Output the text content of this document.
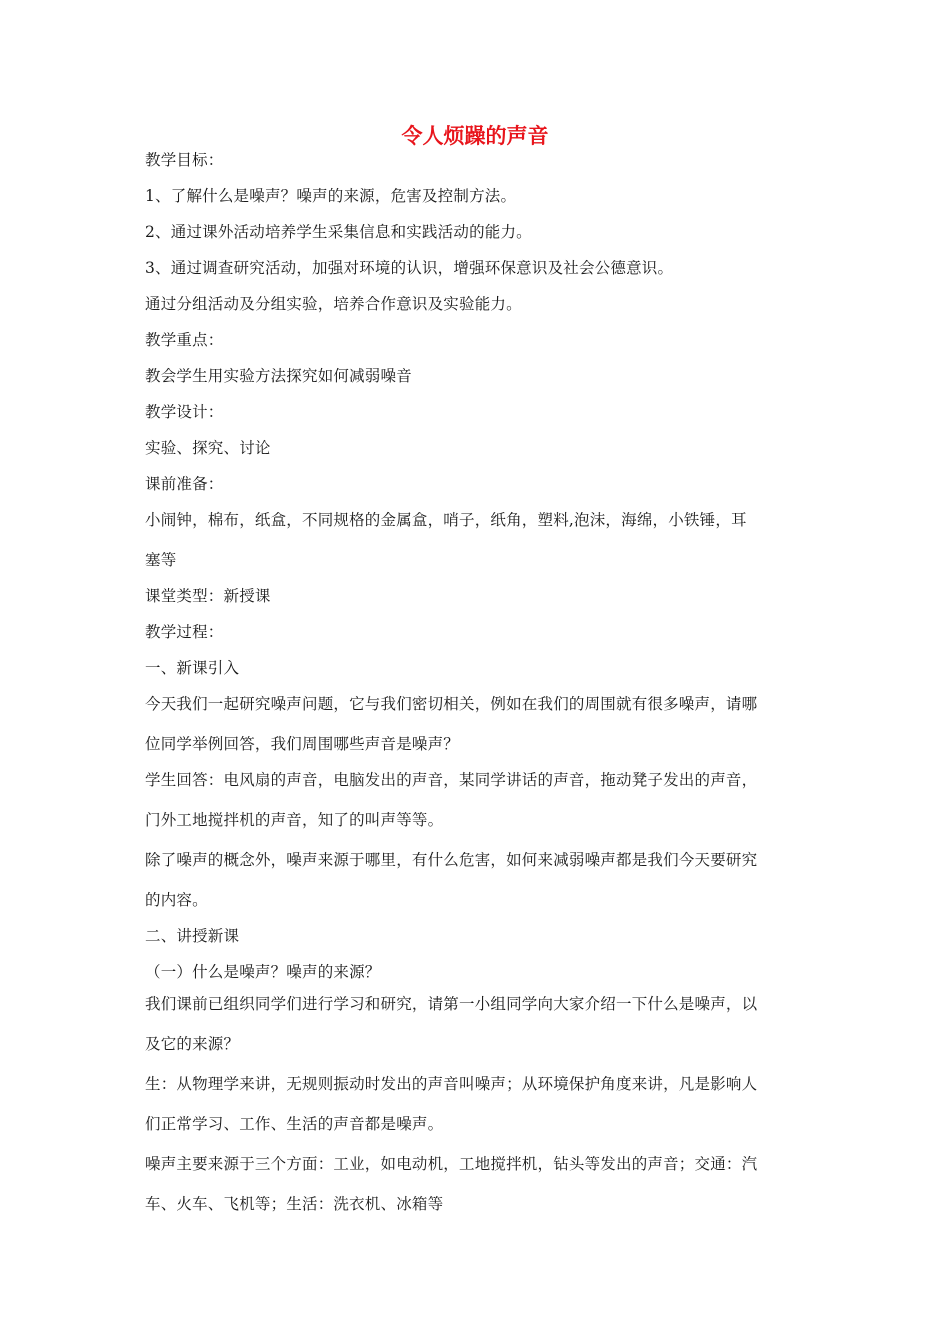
令人烦躁的声音
教学目标：
1、了解什么是噪声？噪声的来源，危害及控制方法。
2、通过课外活动培养学生采集信息和实践活动的能力。
3、通过调查研究活动，加强对环境的认识，增强环保意识及社会公德意识。
通过分组活动及分组实验，培养合作意识及实验能力。
教学重点：
教会学生用实验方法探究如何减弱噪音
教学设计：
实验、探究、讨论
课前准备：
小闹钟，棉布，纸盒，不同规格的金属盒，哨子，纸角，塑料,泡沫，海绵，小铁锤，耳
塞等
课堂类型：新授课
教学过程：
一、新课引入
今天我们一起研究噪声问题，它与我们密切相关，例如在我们的周围就有很多噪声，请哪
位同学举例回答，我们周围哪些声音是噪声？
学生回答：电风扇的声音，电脑发出的声音，某同学讲话的声音，拖动凳子发出的声音，
门外工地搅拌机的声音，知了的叫声等等。
除了噪声的概念外，噪声来源于哪里，有什么危害，如何来减弱噪声都是我们今天要研究
的内容。
二、讲授新课
（一）什么是噪声？噪声的来源？
我们课前已组织同学们进行学习和研究，请第一小组同学向大家介绍一下什么是噪声，以
及它的来源？
生：从物理学来讲，无规则振动时发出的声音叫噪声；从环境保护角度来讲，凡是影响人
们正常学习、工作、生活的声音都是噪声。
噪声主要来源于三个方面：工业，如电动机，工地搅拌机，钻头等发出的声音；交通：汽
车、火车、飞机等；生活：洗衣机、冰箱等
